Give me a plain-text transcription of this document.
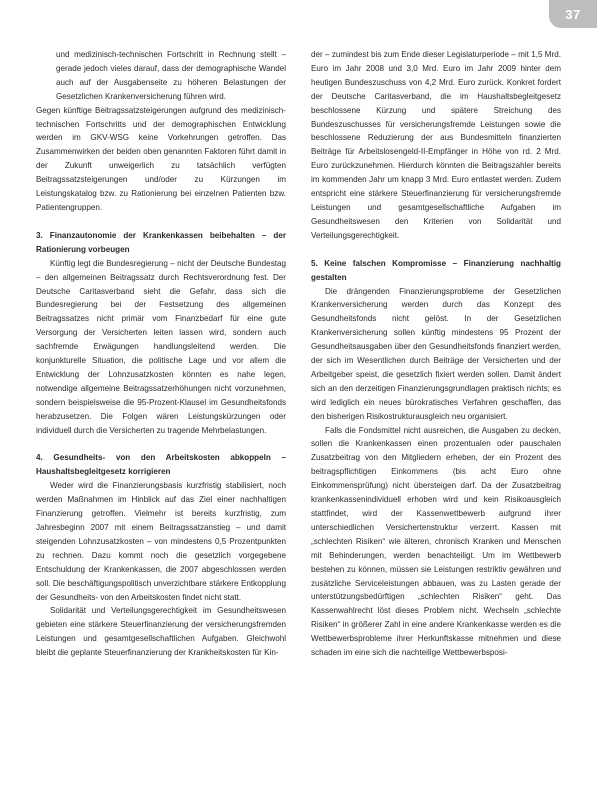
37

und medizinisch-technischen Fortschritt in Rechnung stellt – gerade jedoch vieles darauf, dass der demographische Wandel auch auf der Ausgabenseite zu höheren Belastungen der Gesetzlichen Krankenversicherung führen wird.

Gegen künftige Beitragssatzsteigerungen aufgrund des medizinisch-technischen Fortschritts und der demographischen Entwicklung werden im GKV-WSG keine Vorkehrungen getroffen. Das Zusammenwirken der beiden oben genannten Faktoren führt damit in der Zukunft unweigerlich zu tatsächlich verfügten Beitragssatzsteigerungen und/oder zu Kürzungen im Leistungskatalog bzw. zu Rationierung bei einzelnen Patienten bzw. Patientengruppen.

3. Finanzautonomie der Krankenkassen beibehalten – der Rationierung vorbeugen

Künftig legt die Bundesregierung – nicht der Deutsche Bundestag – den allgemeinen Beitragssatz durch Rechtsverordnung fest. Der Deutsche Caritasverband sieht die Gefahr, dass sich die Bundesregierung bei der Festsetzung des allgemeinen Beitragssatzes nicht primär vom Finanzbedarf für eine gute Versorgung der Versicherten leiten lassen wird, sondern auch sachfremde Erwägungen handlungsleitend werden. Die konjunkturelle Situation, die politische Lage und vor allem die Entwicklung der Lohnzusatzkosten könnten es nahe legen, notwendige allgemeine Beitragssatzerhöhungen nicht vorzunehmen, sondern beispielsweise die 95-Prozent-Klausel im Gesundheitsfonds herabzusetzen. Die Folgen wären Leistungskürzungen oder individuell durch die Versicherten zu tragende Mehrbelastungen.

4. Gesundheits- von den Arbeitskosten abkoppeln – Haushaltsbegleitgesetz korrigieren

Weder wird die Finanzierungsbasis kurzfristig stabilisiert, noch werden Maßnahmen im Hinblick auf das Ziel einer nachhaltigen Finanzierung getroffen. Vielmehr ist bereits kurzfristig, zum Jahresbeginn 2007 mit einem Beitragssatzanstieg – und damit steigenden Lohnzusatzkosten – von mindestens 0,5 Prozentpunkten zu rechnen. Dazu kommt noch die gesetzlich vorgegebene Entschuldung der Krankenkassen, die 2007 abgeschlossen werden soll. Die beschäftigungspolitisch unverzichtbare stärkere Entkopplung der Gesundheits- von den Arbeitskosten findet nicht statt.

Solidarität und Verteilungsgerechtigkeit im Gesundheitswesen gebieten eine stärkere Steuerfinanzierung der versicherungsfremden Leistungen und gesamtgesellschaftlichen Aufgaben. Gleichwohl bleibt die geplante Steuerfinanzierung der Krankheitskosten für Kin-

der – zumindest bis zum Ende dieser Legislaturperiode – mit 1,5 Mrd. Euro im Jahr 2008 und 3,0 Mrd. Euro im Jahr 2009 hinter dem heutigen Bundeszuschuss von 4,2 Mrd. Euro zurück. Konkret fordert der Deutsche Caritasverband, die im Haushaltsbegleitgesetz beschlossene Kürzung und spätere Streichung des Bundeszuschusses für versicherungsfremde Leistungen sowie die beschlossene Reduzierung der aus Bundesmitteln finanzierten Beiträge für Arbeitslosengeld-II-Empfänger in Höhe von rd. 2 Mrd. Euro zurückzunehmen. Hierdurch könnten die Beitragszahler bereits im kommenden Jahr um knapp 3 Mrd. Euro entlastet werden. Zudem entspricht eine stärkere Steuerfinanzierung für versicherungsfremde Leistungen und gesamtgesellschaftliche Aufgaben im Gesundheitswesen den Kriterien von Solidarität und Verteilungsgerechtigkeit.

5. Keine falschen Kompromisse – Finanzierung nachhaltig gestalten

Die drängenden Finanzierungsprobleme der Gesetzlichen Krankenversicherung werden durch das Konzept des Gesundheitsfonds nicht gelöst. In der Gesetzlichen Krankenversicherung sollen künftig mindestens 95 Prozent der Gesundheitsausgaben über den Gesundheitsfonds finanziert werden, der sich im Wesentlichen durch Beiträge der Versicherten und der Arbeitgeber speist, die gesetzlich fixiert werden sollen. Damit ändert sich an den derzeitigen Finanzierungsgrundlagen praktisch nichts; es wird lediglich ein neues bürokratisches Verfahren geschaffen, das den bisherigen Risikostrukturausgleich neu organisiert.

Falls die Fondsmittel nicht ausreichen, die Ausgaben zu decken, sollen die Krankenkassen einen prozentualen oder pauschalen Zusatzbeitrag von den Mitgliedern erheben, der ein Prozent des beitragspflichtigen Einkommens (bis acht Euro ohne Einkommensprüfung) nicht übersteigen darf. Da der Zusatzbeitrag krankenkassenindividuell erhoben wird und kein Risikoausgleich stattfindet, wird der Kassenwettbewerb aufgrund ihrer unterschiedlichen Versichertenstruktur verzerrt. Kassen mit „schlechten Risiken“ wie älteren, chronisch Kranken und Menschen mit Behinderungen, werden benachteiligt. Um im Wettbewerb bestehen zu können, müssen sie Leistungen restriktiv gewähren und zusätzliche Serviceleistungen abbauen, was zu Lasten gerade der unterstützungsbedürftigen „schlechten Risiken“ geht. Das Kassenwahlrecht löst dieses Problem nicht. Wechseln „schlechte Risiken“ in größerer Zahl in eine andere Krankenkasse werden es die Wettbewerbsprobleme ihrer Herkunftskasse mitnehmen und diese schaden im eine sich die nachteilige Wettbewerbsposi-
